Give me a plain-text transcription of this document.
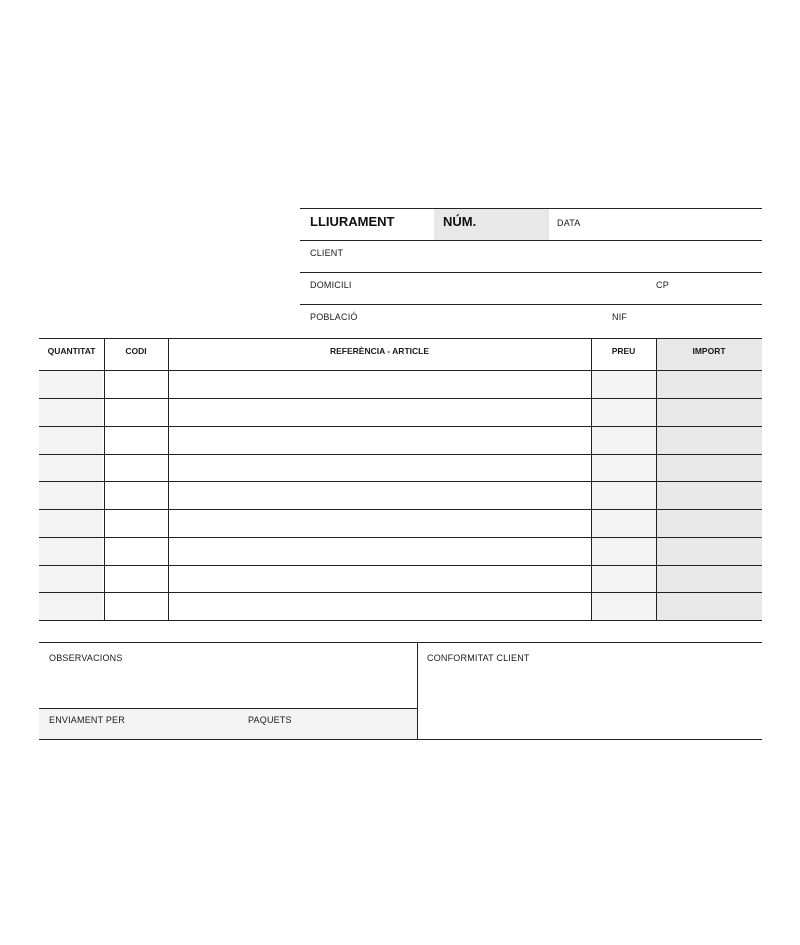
LLIURAMENT	NÚM.	DATA
CLIENT
DOMICILI	CP
POBLACIÓ	NIF
QUANTITAT	CODI	REFERÈNCIA - ARTICLE	PREU	IMPORT
OBSERVACIONS	CONFORMITAT CLIENT
ENVIAMENT PER	PAQUETS
